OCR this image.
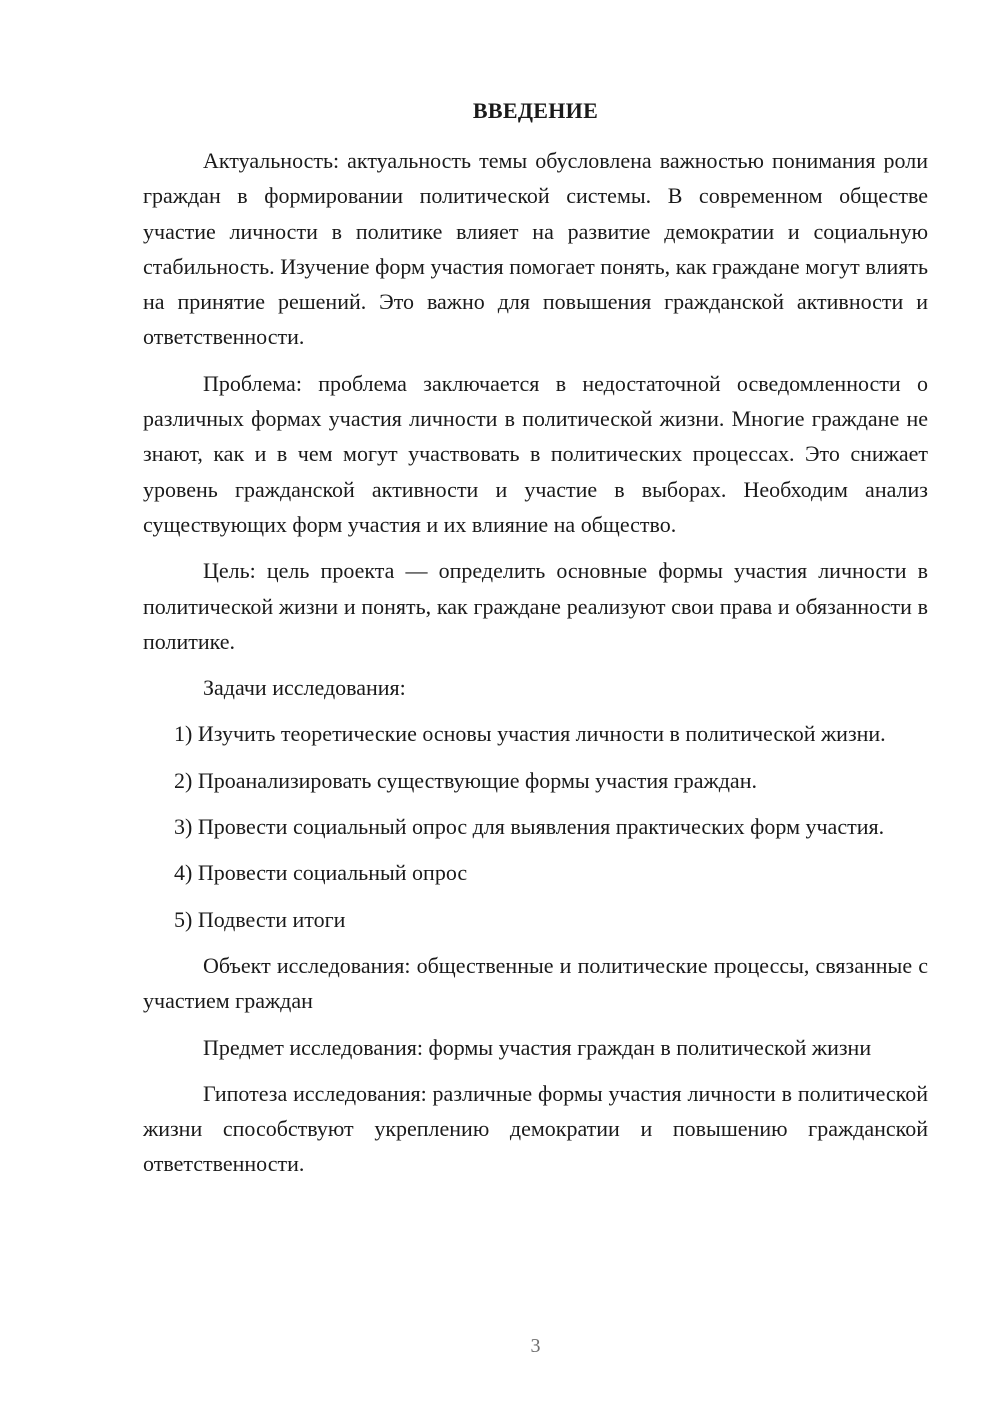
ВВЕДЕНИЕ

Актуальность: актуальность темы обусловлена важностью понимания роли граждан в формировании политической системы. В современном обществе участие личности в политике влияет на развитие демократии и социальную стабильность. Изучение форм участия помогает понять, как граждане могут влиять на принятие решений. Это важно для повышения гражданской активности и ответственности.

Проблема: проблема заключается в недостаточной осведомленности о различных формах участия личности в политической жизни. Многие граждане не знают, как и в чем могут участвовать в политических процессах. Это снижает уровень гражданской активности и участие в выборах. Необходим анализ существующих форм участия и их влияние на общество.

Цель: цель проекта — определить основные формы участия личности в политической жизни и понять, как граждане реализуют свои права и обязанности в политике.

Задачи исследования:

1) Изучить теоретические основы участия личности в политической жизни.

2) Проанализировать существующие формы участия граждан.

3) Провести социальный опрос для выявления практических форм участия.

4) Провести социальный опрос

5) Подвести итоги

Объект исследования: общественные и политические процессы, связанные с участием граждан

Предмет исследования: формы участия граждан в политической жизни

Гипотеза исследования: различные формы участия личности в политической жизни способствуют укреплению демократии и повышению гражданской ответственности.

3
